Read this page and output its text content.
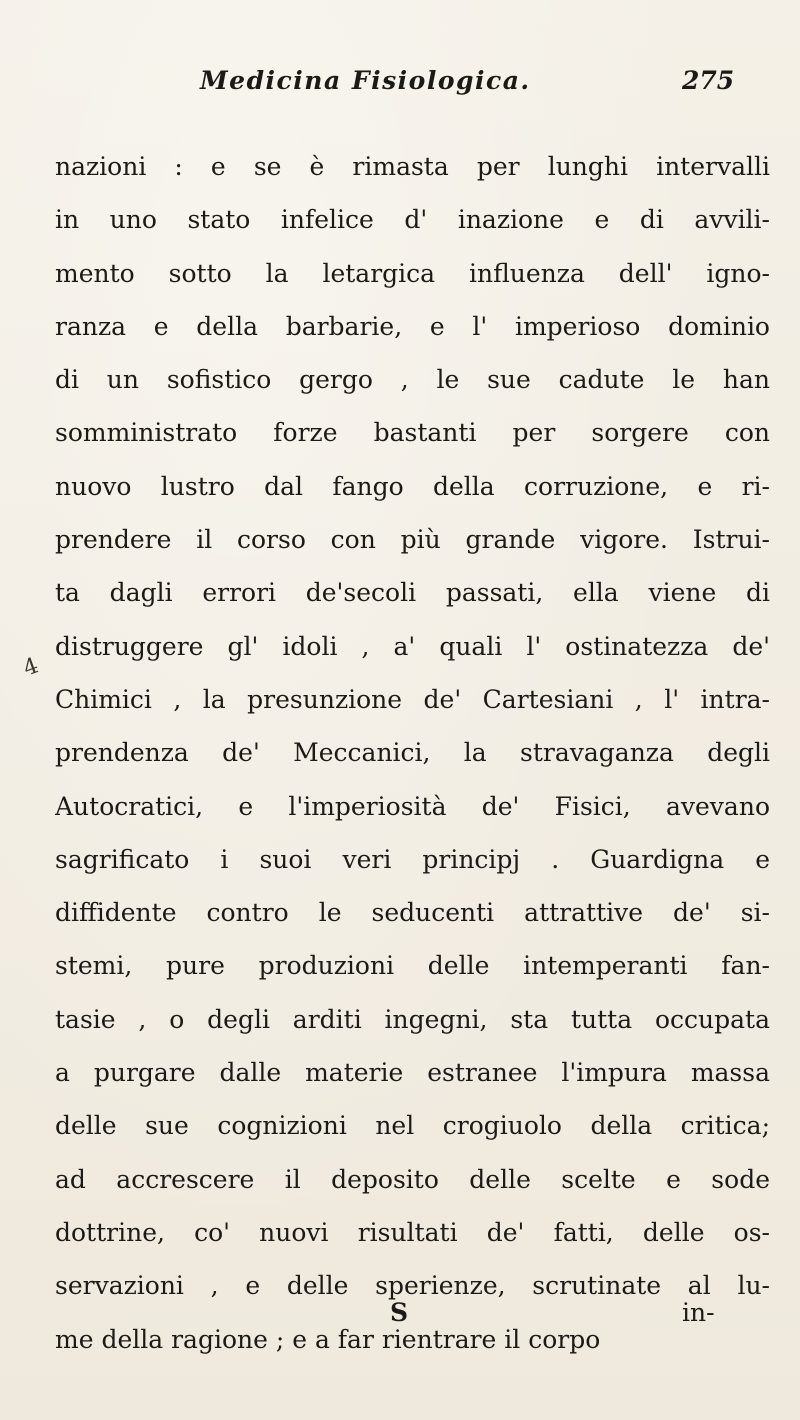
Medicina Fisiologica.	275
4
nazioni : e se è rimasta per lunghi intervalli
in uno stato infelice d' inazione e di avvili-
mento sotto la letargica influenza dell' igno-
ranza e della barbarie, e l' imperioso dominio
di un sofistico gergo , le sue cadute le han
somministrato forze bastanti per sorgere con
nuovo lustro dal fango della corruzione, e ri-
prendere il corso con più grande vigore. Istrui-
ta dagli errori de'secoli passati, ella viene di
distruggere gl' idoli , a' quali l' ostinatezza de'
Chimici , la presunzione de' Cartesiani , l' intra-
prendenza de' Meccanici, la stravaganza degli
Autocratici, e l'imperiosità de' Fisici, avevano
sagrificato i suoi veri principj . Guardigna e
diffidente contro le seducenti attrattive de' si-
stemi, pure produzioni delle intemperanti fan-
tasie , o degli arditi ingegni, sta tutta occupata
a purgare dalle materie estranee l'impura massa
delle sue cognizioni nel crogiuolo della critica;
ad accrescere il deposito delle scelte e sode
dottrine, co' nuovi risultati de' fatti, delle os-
servazioni , e delle sperienze, scrutinate al lu-
me della ragione ; e a far rientrare il corpo
S	in-
